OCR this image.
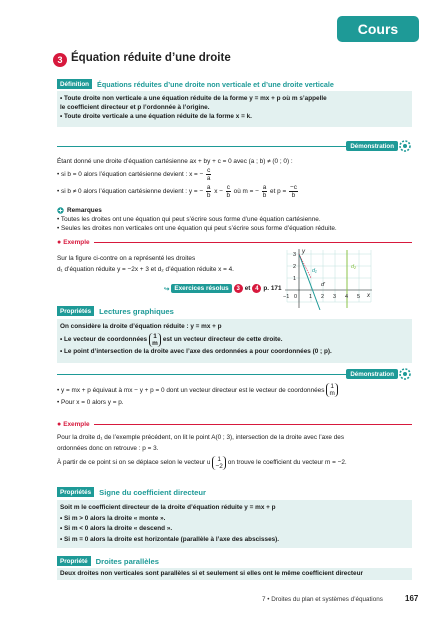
Cours
3 Équation réduite d’une droite
Définition	Équations réduites d’une droite non verticale et d’une droite verticale
• Toute droite non verticale a une équation réduite de la forme y = mx + p où m s’appelle
le coefficient directeur et p l’ordonnée à l’origine.
• Toute droite verticale a une équation réduite de la forme x = k.
Démonstration
Étant donné une droite d’équation cartésienne ax + by + c = 0 avec (a ; b) ≠ (0 ; 0) :
• si b = 0 alors l’équation cartésienne devient : x = − $\frac{c}{a}$
• si b ≠ 0 alors l’équation cartésienne devient : y = − $\frac{a}{b}$ $x - \frac{c}{b}$ où m = − $\frac{a}{b}$ et $p = \frac{-c}{b}$
Remarques
• Toutes les droites ont une équation qui peut s’écrire sous forme d’une équation cartésienne.
• Seules les droites non verticales ont une équation qui peut s’écrire sous forme d’équation réduite.
● Exemple
Sur la figure ci-contre on a représenté les droites
d₁ d’équation réduite y = −2x + 3 et d₂ d’équation réduite x = 4.
↪ Exercices résolus	3 et 4 p. 171
y
x
3
2
1
−1 0 1 2 3 4 5
d₁
d₂
d′
Propriétés	Lectures graphiques
On considère la droite d’équation réduite : y = mx + p
• Le vecteur de coordonnées 1
m est un vecteur directeur de cette droite.
• Le point d’intersection de la droite avec l’axe des ordonnées a pour coordonnées (0 ; p).
Démonstration
• y = mx + p équivaut à mx − y + p = 0 dont un vecteur directeur est le vecteur de coordonnées 1
m
• Pour x = 0 alors y = p.
● Exemple
Pour la droite d₁ de l’exemple précédent, on lit le point A(0 ; 3), intersection de la droite avec l’axe des
ordonnées donc on retrouve : p = 3.
À partir de ce point si on se déplace selon le vecteur u 1
−2 on trouve le coefficient du vecteur m = −2.
Propriétés	Signe du coefficient directeur
Soit m le coefficient directeur de la droite d’équation réduite y = mx + p
• Si m > 0 alors la droite « monte ».
• Si m < 0 alors la droite « descend ».
• Si m = 0 alors la droite est horizontale (parallèle à l’axe des abscisses).
Propriété	Droites parallèles
Deux droites non verticales sont parallèles si et seulement si elles ont le même coefficient directeur
7 • Droites du plan et systèmes d’équations	167
